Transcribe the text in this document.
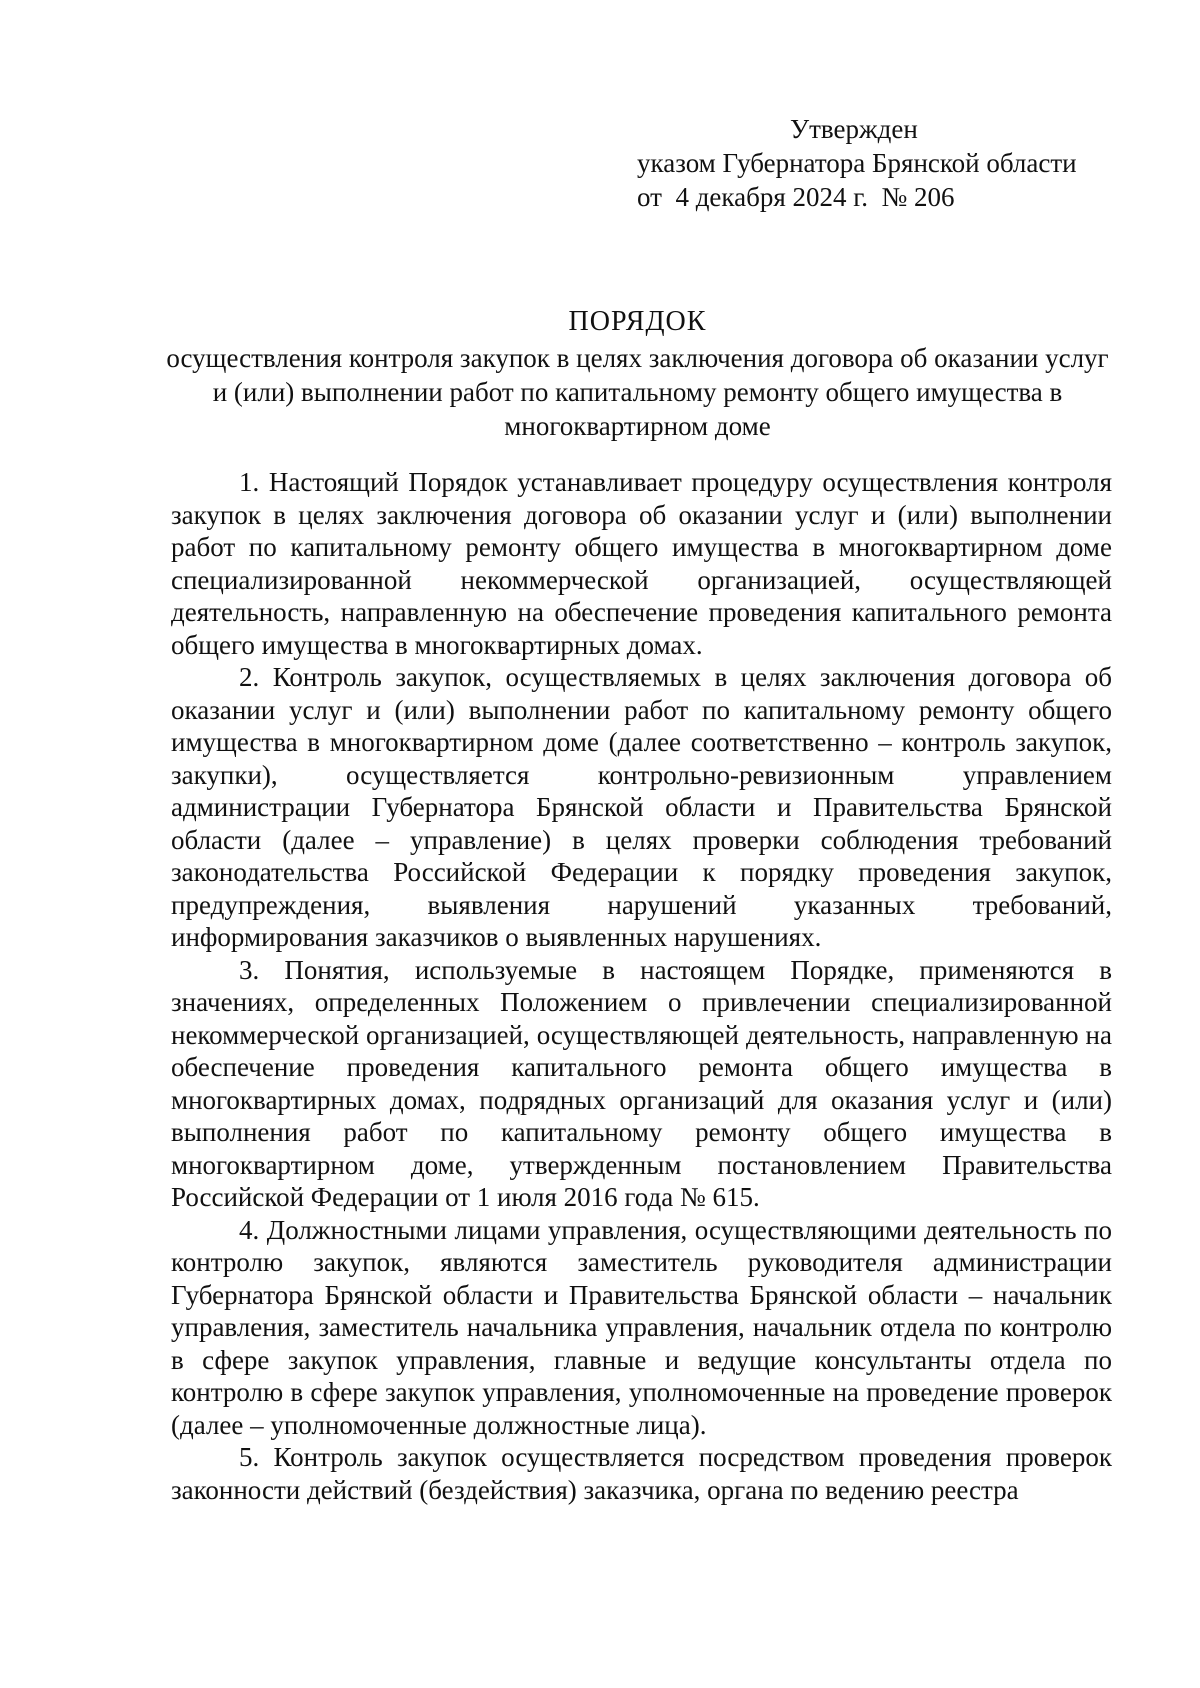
Утвержден
указом Губернатора Брянской области
от  4 декабря 2024 г.  № 206
ПОРЯДОК
осуществления контроля закупок в целях заключения договора об оказании услуг и (или) выполнении работ по капитальному ремонту общего имущества в многоквартирном доме

1. Настоящий Порядок устанавливает процедуру осуществления контроля закупок в целях заключения договора об оказании услуг и (или) выполнении работ по капитальному ремонту общего имущества в многоквартирном доме специализированной некоммерческой организацией, осуществляющей деятельность, направленную на обеспечение проведения капитального ремонта общего имущества в многоквартирных домах.

2. Контроль закупок, осуществляемых в целях заключения договора об оказании услуг и (или) выполнении работ по капитальному ремонту общего имущества в многоквартирном доме (далее соответственно – контроль закупок, закупки), осуществляется контрольно-ревизионным управлением администрации Губернатора Брянской области и Правительства Брянской области (далее – управление) в целях проверки соблюдения требований законодательства Российской Федерации к порядку проведения закупок, предупреждения, выявления нарушений указанных требований, информирования заказчиков о выявленных нарушениях.

3. Понятия, используемые в настоящем Порядке, применяются в значениях, определенных Положением о привлечении специализированной некоммерческой организацией, осуществляющей деятельность, направленную на обеспечение проведения капитального ремонта общего имущества в многоквартирных домах, подрядных организаций для оказания услуг и (или) выполнения работ по капитальному ремонту общего имущества в многоквартирном доме, утвержденным постановлением Правительства Российской Федерации от 1 июля 2016 года № 615.

4. Должностными лицами управления, осуществляющими деятельность по контролю закупок, являются заместитель руководителя администрации Губернатора Брянской области и Правительства Брянской области – начальник управления, заместитель начальника управления, начальник отдела по контролю в сфере закупок управления, главные и ведущие консультанты отдела по контролю в сфере закупок управления, уполномоченные на проведение проверок (далее – уполномоченные должностные лица).

5. Контроль закупок осуществляется посредством проведения проверок законности действий (бездействия) заказчика, органа по ведению реестра
